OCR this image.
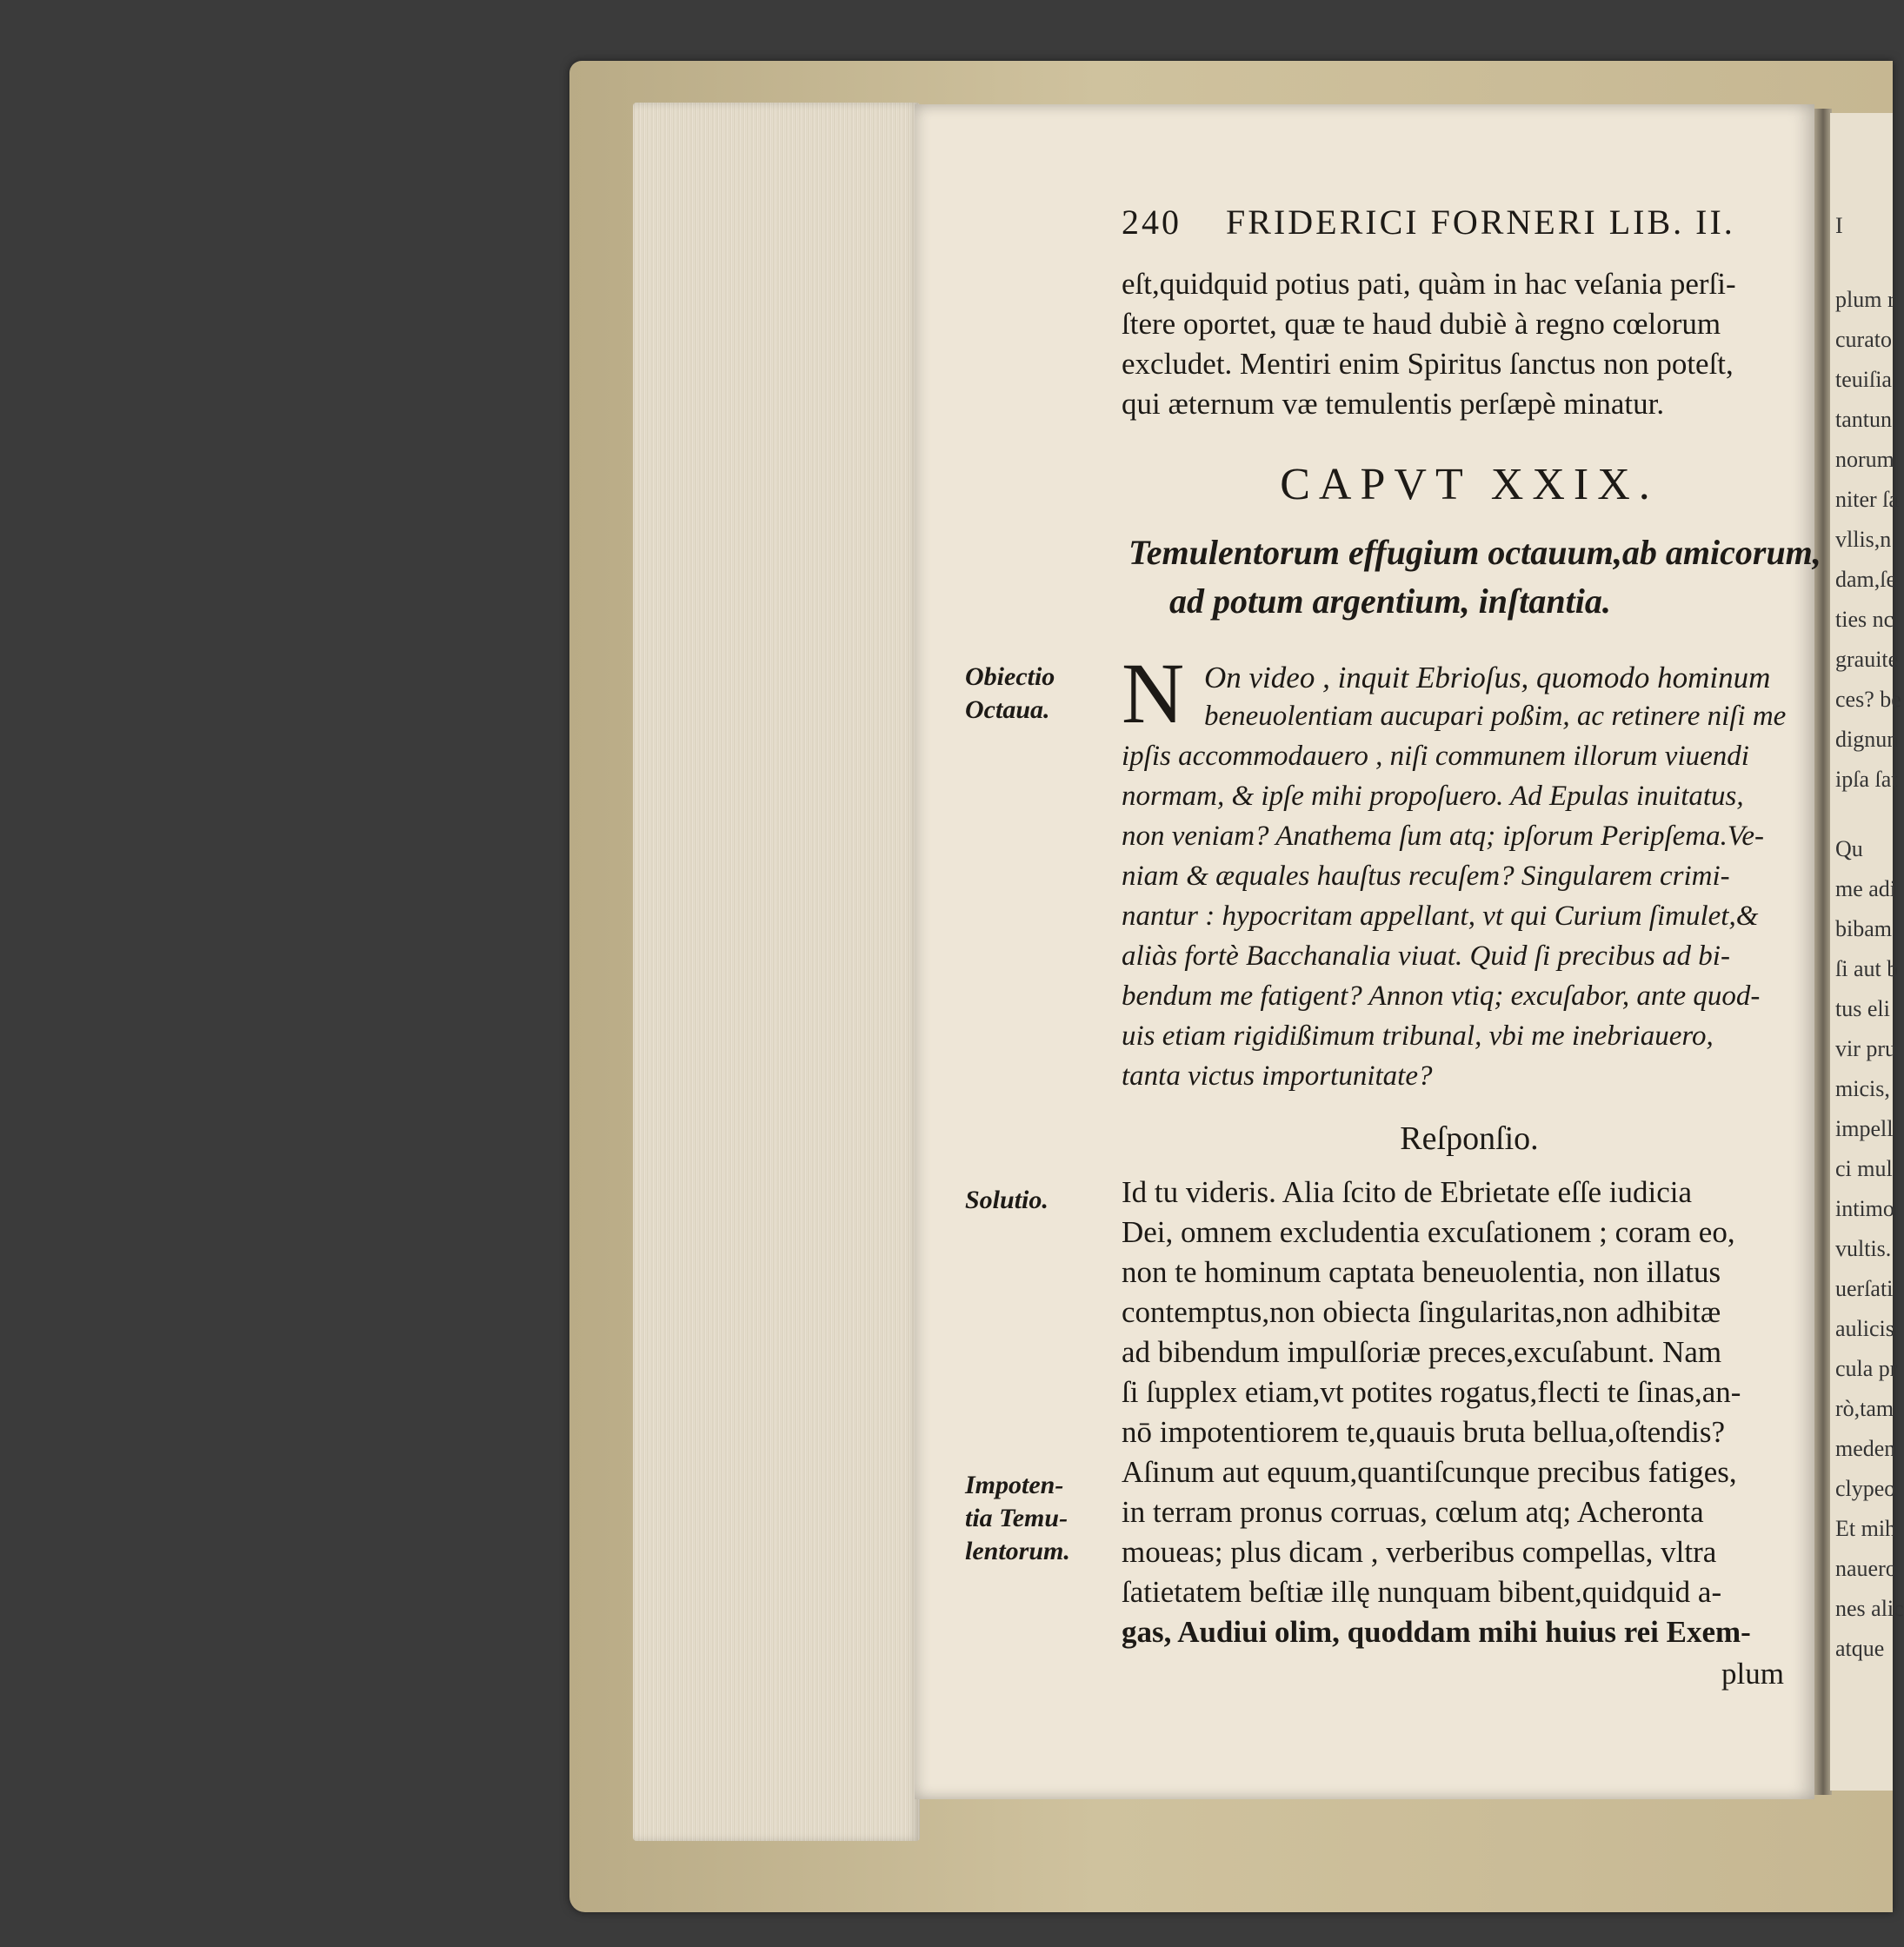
I
plum r
curato
teuiſia
tantun
norum
niter ſa
vllis,n
dam,ſe
ties nc
grauite
ces? be
dignun
ipſa ſat
Qu
me adi
bibam
ſi aut b
tus eli
vir pru
micis,
impell
ci mul
intimo
vultis.
uerſati
aulicis
cula pr
rò,tam
meden
clypeo
Et mih
nauero
nes alic
atque
240 FRIDERICI FORNERI LIB. II.
eſt,quidquid potius pati, quàm in hac veſania perſi-
ſtere oportet, quæ te haud dubiè à regno cœlorum
excludet. Mentiri enim Spiritus ſanctus non poteſt,
qui æternum væ temulentis perſæpè minatur.
CAPVT XXIX.
Temulentorum effugium octauum,ab amicorum,
ad potum argentium, inſtantia.
Obiectio
Octaua. N On video , inquit Ebrioſus, quomodo hominum
beneuolentiam aucupari poßim, ac retinere niſi me
ipſis accommodauero , niſi communem illorum viuendi
normam, & ipſe mihi propoſuero. Ad Epulas inuitatus,
non veniam? Anathema ſum atq; ipſorum Peripſema.Ve-
niam & æquales hauſtus recuſem? Singularem crimi-
nantur : hypocritam appellant, vt qui Curium ſimulet,&
aliàs fortè Bacchanalia viuat. Quid ſi precibus ad bi-
bendum me fatigent? Annon vtiq; excuſabor, ante quod-
uis etiam rigidißimum tribunal, vbi me inebriauero,
tanta victus importunitate?
Reſponſio.
Solutio.	Id tu videris. Alia ſcito de Ebrietate eſſe iudicia
Dei, omnem excludentia excuſationem ; coram eo,
non te hominum captata beneuolentia, non illatus
contemptus,non obiecta ſingularitas,non adhibitæ
ad bibendum impulſoriæ preces,excuſabunt. Nam
ſi ſupplex etiam,vt potites rogatus,flecti te ſinas,an-
nō impotentiorem te,quauis bruta bellua,oſtendis?
Aſinum aut equum,quantiſcunque precibus fatiges,
in terram pronus corruas, cœlum atq; Acheronta
moueas; plus dicam , verberibus compellas, vltra
ſatietatem beſtiæ illę nunquam bibent,quidquid a-
gas, Audiui olim, quoddam mihi huius rei Exem-
plum
Impoten-
tia Temu-
lentorum.
